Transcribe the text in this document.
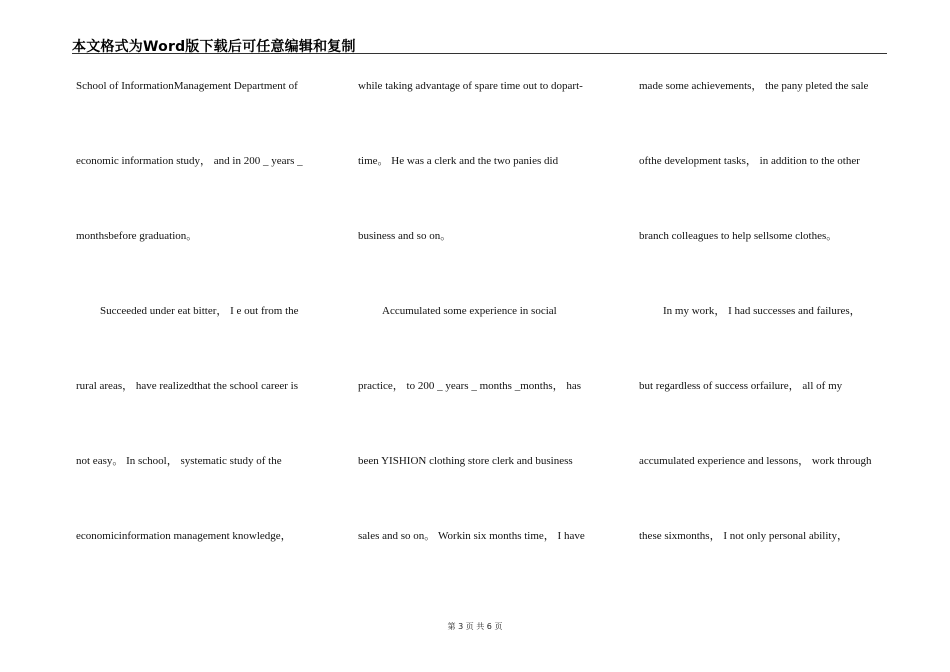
本文格式为Word版下载后可任意编辑和复制
School of InformationManagement Department of
economic information study， and in 200 _ years _
monthsbefore graduation。
Succeeded under eat bitter， I e out from the
rural areas， have realizedthat the school career is
not easy。 In school， systematic study of the
economicinformation management knowledge，
while taking advantage of spare time out to dopart-
time。 He was a clerk and the two panies did
business and so on。
Accumulated some experience in social
practice， to 200 _ years _ months _months， has
been YISHION clothing store clerk and business
sales and so on。 Workin six months time， I have
made some achievements， the pany pleted the sale
ofthe development tasks， in addition to the other
branch colleagues to help sellsome clothes。
In my work， I had successes and failures，
but regardless of success orfailure， all of my
accumulated experience and lessons， work through
these sixmonths， I not only personal ability，
第 3 页 共 6 页
